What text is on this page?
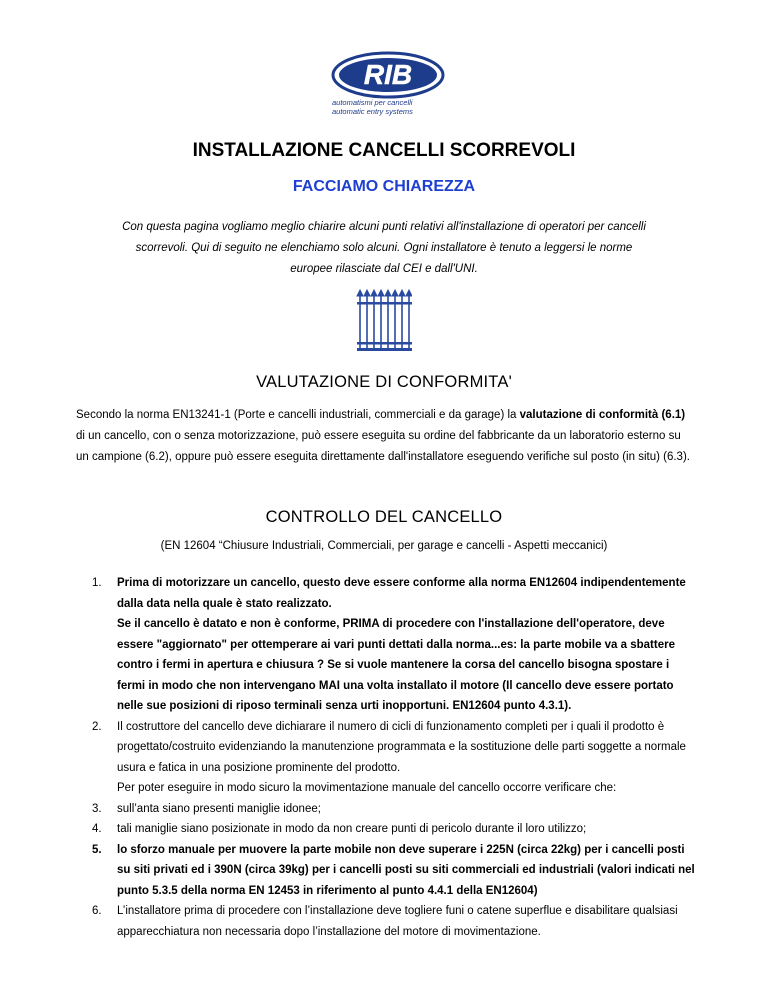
RIB
automatismi per cancelli
automatic entry systems
INSTALLAZIONE CANCELLI SCORREVOLI
FACCIAMO CHIAREZZA
Con questa pagina vogliamo meglio chiarire alcuni punti relativi all'installazione di operatori per cancelli scorrevoli. Qui di seguito ne elenchiamo solo alcuni. Ogni installatore è tenuto a leggersi le norme europee rilasciate dal CEI e dall'UNI.
VALUTAZIONE DI CONFORMITA'
Secondo la norma EN13241-1 (Porte e cancelli industriali, commerciali e da garage) la valutazione di conformità (6.1) di un cancello, con o senza motorizzazione, può essere eseguita su ordine del fabbricante da un laboratorio esterno su un campione (6.2), oppure può essere eseguita direttamente dall'installatore eseguendo verifiche sul posto (in situ) (6.3).
CONTROLLO DEL CANCELLO
(EN 12604 “Chiusure Industriali, Commerciali, per garage e cancelli - Aspetti meccanici)
1. Prima di motorizzare un cancello, questo deve essere conforme alla norma EN12604 indipendentemente dalla data nella quale è stato realizzato.
Se il cancello è datato e non è conforme, PRIMA di procedere con l'installazione dell'operatore, deve essere "aggiornato" per ottemperare ai vari punti dettati dalla norma...es: la parte mobile va a sbattere contro i fermi in apertura e chiusura ? Se si vuole mantenere la corsa del cancello bisogna spostare i fermi in modo che non intervengano MAI una volta installato il motore (Il cancello deve essere portato nelle sue posizioni di riposo terminali senza urti inopportuni. EN12604 punto 4.3.1).
2. Il costruttore del cancello deve dichiarare il numero di cicli di funzionamento completi per i quali il prodotto è progettato/costruito evidenziando la manutenzione programmata e la sostituzione delle parti soggette a normale usura e fatica in una posizione prominente del prodotto.
Per poter eseguire in modo sicuro la movimentazione manuale del cancello occorre verificare che:
3. sull’anta siano presenti maniglie idonee;
4. tali maniglie siano posizionate in modo da non creare punti di pericolo durante il loro utilizzo;
5. lo sforzo manuale per muovere la parte mobile non deve superare i 225N (circa 22kg) per i cancelli posti su siti privati ed i 390N (circa 39kg) per i cancelli posti su siti commerciali ed industriali (valori indicati nel punto 5.3.5 della norma EN 12453 in riferimento al punto 4.4.1 della EN12604)
6. L’installatore prima di procedere con l’installazione deve togliere funi o catene superflue e disabilitare qualsiasi apparecchiatura non necessaria dopo l’installazione del motore di movimentazione.
